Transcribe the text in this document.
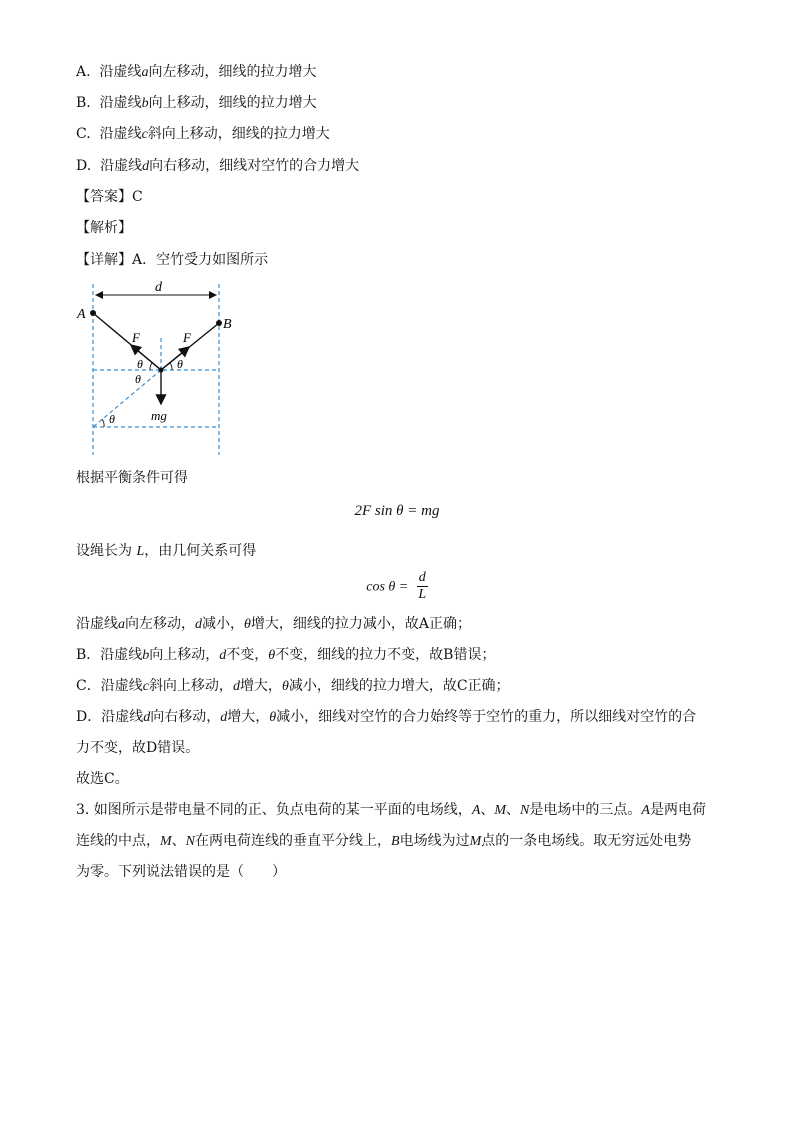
A. 沿虚线a向左移动，细线的拉力增大
B. 沿虚线b向上移动，细线的拉力增大
C. 沿虚线c斜向上移动，细线的拉力增大
D. 沿虚线d向右移动，细线对空竹的合力增大
【答案】C
【解析】
【详解】A．空竹受力如图所示
d
A
B
F	F
θ	θ
θ
θ	mg
根据平衡条件可得
2F sin θ = mg
设绳长为 L，由几何关系可得
$\cos \theta = \frac{d}{L}$
沿虚线a向左移动，d减小，θ增大，细线的拉力减小，故A正确；
B．沿虚线b向上移动，d不变，θ不变，细线的拉力不变，故B错误；
C．沿虚线c斜向上移动，d增大，θ减小，细线的拉力增大，故C正确；
D．沿虚线d向右移动，d增大，θ减小，细线对空竹的合力始终等于空竹的重力，所以细线对空竹的合
力不变，故D错误。
故选C。
3. 如图所示是带电量不同的正、负点电荷的某一平面的电场线，A、M、N是电场中的三点。A是两电荷
连线的中点，M、N在两电荷连线的垂直平分线上，B电场线为过M点的一条电场线。取无穷远处电势
为零。下列说法错误的是（　　）
